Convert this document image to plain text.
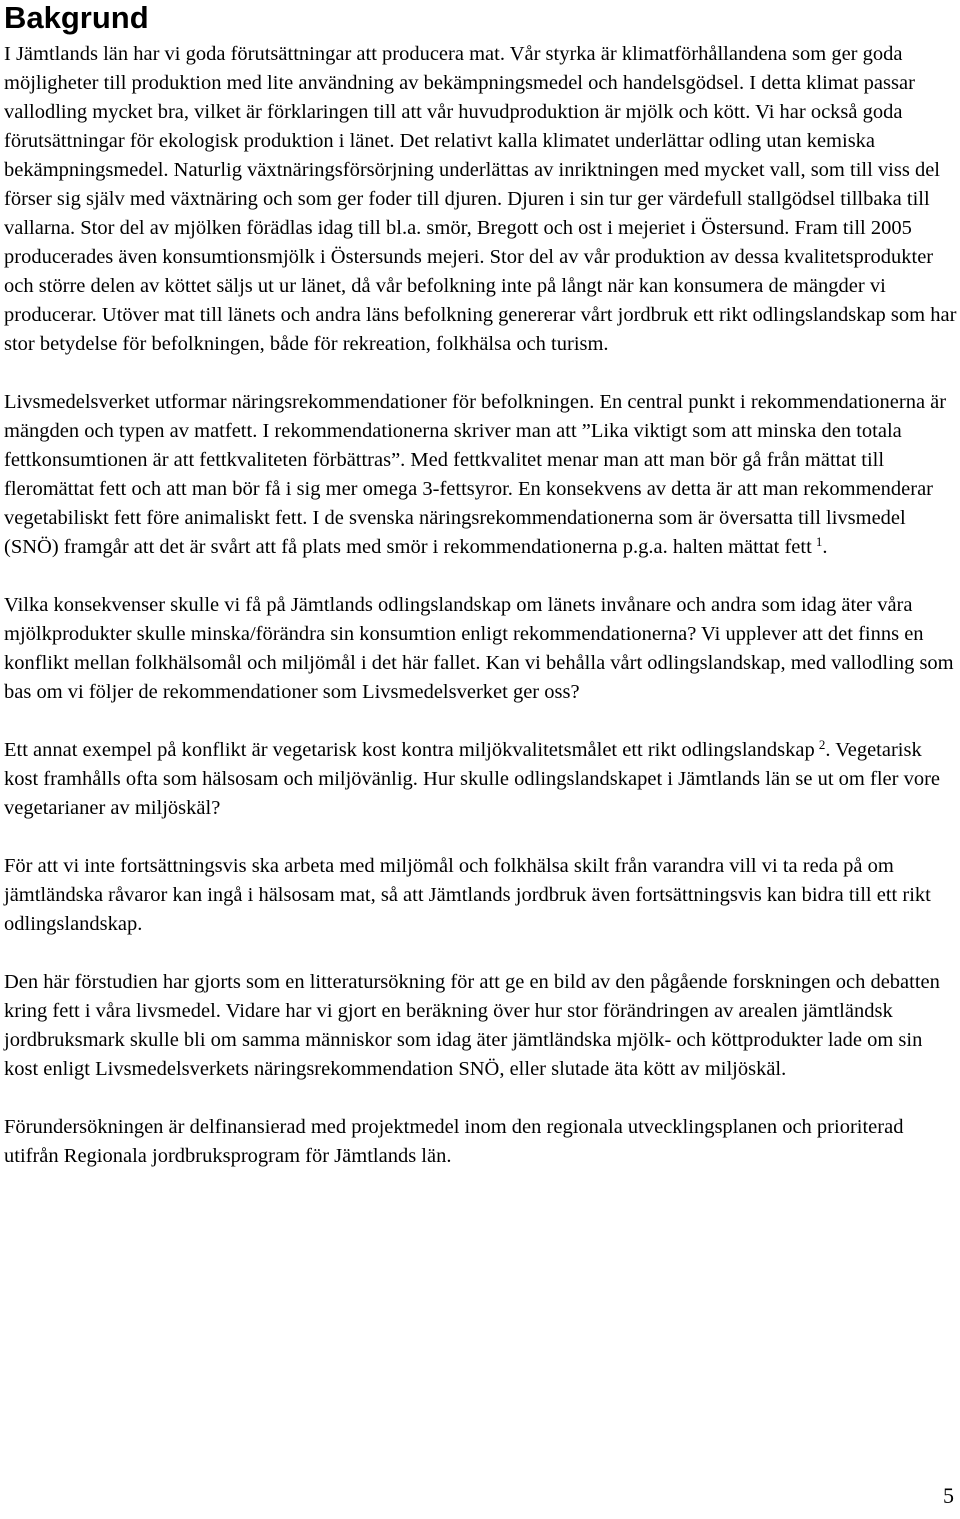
Bakgrund

I Jämtlands län har vi goda förutsättningar att producera mat. Vår styrka är klimatförhållandena som ger goda möjligheter till produktion med lite användning av bekämpningsmedel och handelsgödsel. I detta klimat passar vallodling mycket bra, vilket är förklaringen till att vår huvudproduktion är mjölk och kött. Vi har också goda förutsättningar för ekologisk produktion i länet. Det relativt kalla klimatet underlättar odling utan kemiska bekämpningsmedel. Naturlig växtnäringsförsörjning underlättas av inriktningen med mycket vall, som till viss del förser sig själv med växtnäring och som ger foder till djuren. Djuren i sin tur ger värdefull stallgödsel tillbaka till vallarna. Stor del av mjölken förädlas idag till bl.a. smör, Bregott och ost i mejeriet i Östersund. Fram till 2005 producerades även konsumtionsmjölk i Östersunds mejeri. Stor del av vår produktion av dessa kvalitetsprodukter och större delen av köttet säljs ut ur länet, då vår befolkning inte på långt när kan konsumera de mängder vi producerar. Utöver mat till länets och andra läns befolkning genererar vårt jordbruk ett rikt odlingslandskap som har stor betydelse för befolkningen, både för rekreation, folkhälsa och turism.

Livsmedelsverket utformar näringsrekommendationer för befolkningen. En central punkt i rekommendationerna är mängden och typen av matfett. I rekommendationerna skriver man att ”Lika viktigt som att minska den totala fettkonsumtionen är att fettkvaliteten förbättras”. Med fettkvalitet menar man att man bör gå från mättat till fleromättat fett och att man bör få i sig mer omega 3-fettsyror. En konsekvens av detta är att man rekommenderar vegetabiliskt fett före animaliskt fett. I de svenska näringsrekommendationerna som är översatta till livsmedel (SNÖ) framgår att det är svårt att få plats med smör i rekommendationerna p.g.a. halten mättat fett  $^1$.

Vilka konsekvenser skulle vi få på Jämtlands odlingslandskap om länets invånare och andra som idag äter våra mjölkprodukter skulle minska/förändra sin konsumtion enligt rekommendationerna? Vi upplever att det finns en konflikt mellan folkhälsomål och miljömål i det här fallet. Kan vi behålla vårt odlingslandskap, med vallodling som bas om vi följer de rekommendationer som Livsmedelsverket ger oss?

Ett annat exempel på konflikt är vegetarisk kost kontra miljökvalitetsmålet ett rikt odlingslandskap  $^2$. Vegetarisk kost framhålls ofta som hälsosam och miljövänlig. Hur skulle odlingslandskapet i Jämtlands län se ut om fler vore vegetarianer av miljöskäl?

För att vi inte fortsättningsvis ska arbeta med miljömål och folkhälsa skilt från varandra vill vi ta reda på om jämtländska råvaror kan ingå i hälsosam mat, så att Jämtlands jordbruk även fortsättningsvis kan bidra till ett rikt odlingslandskap.

Den här förstudien har gjorts som en litteratursökning för att ge en bild av den pågående forskningen och debatten kring fett i våra livsmedel. Vidare har vi gjort en beräkning över hur stor förändringen av arealen jämtländsk jordbruksmark skulle bli om samma människor som idag äter jämtländska mjölk- och köttprodukter lade om sin kost enligt Livsmedelsverkets näringsrekommendation SNÖ, eller slutade äta kött av miljöskäl.

Förundersökningen är delfinansierad med projektmedel inom den regionala utvecklingsplanen och prioriterad utifrån Regionala jordbruksprogram för Jämtlands län.

5
